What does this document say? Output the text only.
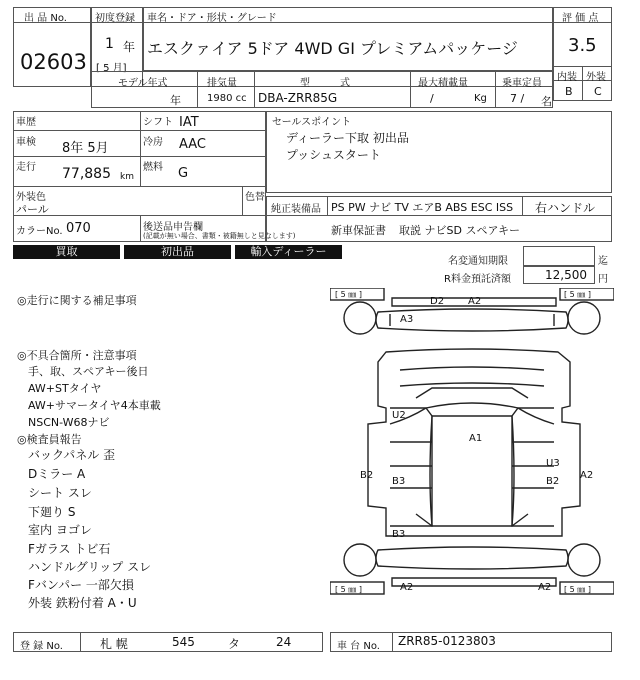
出 品 No.
02603
初度登録
1 年
[ 5 月]
車名・ドア・形状・グレード
エスクァイア 5ドア 4WD GI プレミアムパッケージ
評 価 点
3.5
内装 外装
B C
モデル年式
年
排気量
1980 cc
型　　　式
DBA-ZRR85G
最大積載量
/	Kg
乗車定員
7 / 名
車歴	シフト IAT
車検 8年 5月	冷房 AAC
走行 77,885 km
燃料 G
外装色
パール
色替
カラーNo. 070	後送品申告欄
(記載が無い場合、書類・被籍無しと見なします)
セールスポイント
ディーラー下取 初出品
プッシュスタート
純正装備品 PS PW ナビ TV エアB ABS ESC ISS 右ハンドル
新車保証書 取説 ナビSD スペアキー
買取	初出品	輸入ディーラー
名変通知期限	迄
R料金預託済額	12,500 円
◎走行に関する補足事項
◎不具合箇所・注意事項
手、取、スペアキー後日
AW+STタイヤ
AW+サマータイヤ4本車載
NSCN-W68ナビ
◎検査員報告
バックパネル 歪
Dミラー A
シート スレ
下廻り S
室内 ヨゴレ
Fガラス トビ石
ハンドルグリップ スレ
Fバンパー 一部欠損
外装 鉄粉付着 A・U
[ 5 ㎜ ]	[ 5 ㎜ ]
[ 5 ㎜ ]	[ 5 ㎜ ]
D2 A2
A3
U2
A1
B2
B3
U3
B2
A2
B3
A2	A2
登 録 No.	札 幌	545	タ	24	車 台 No. ZRR85-0123803
